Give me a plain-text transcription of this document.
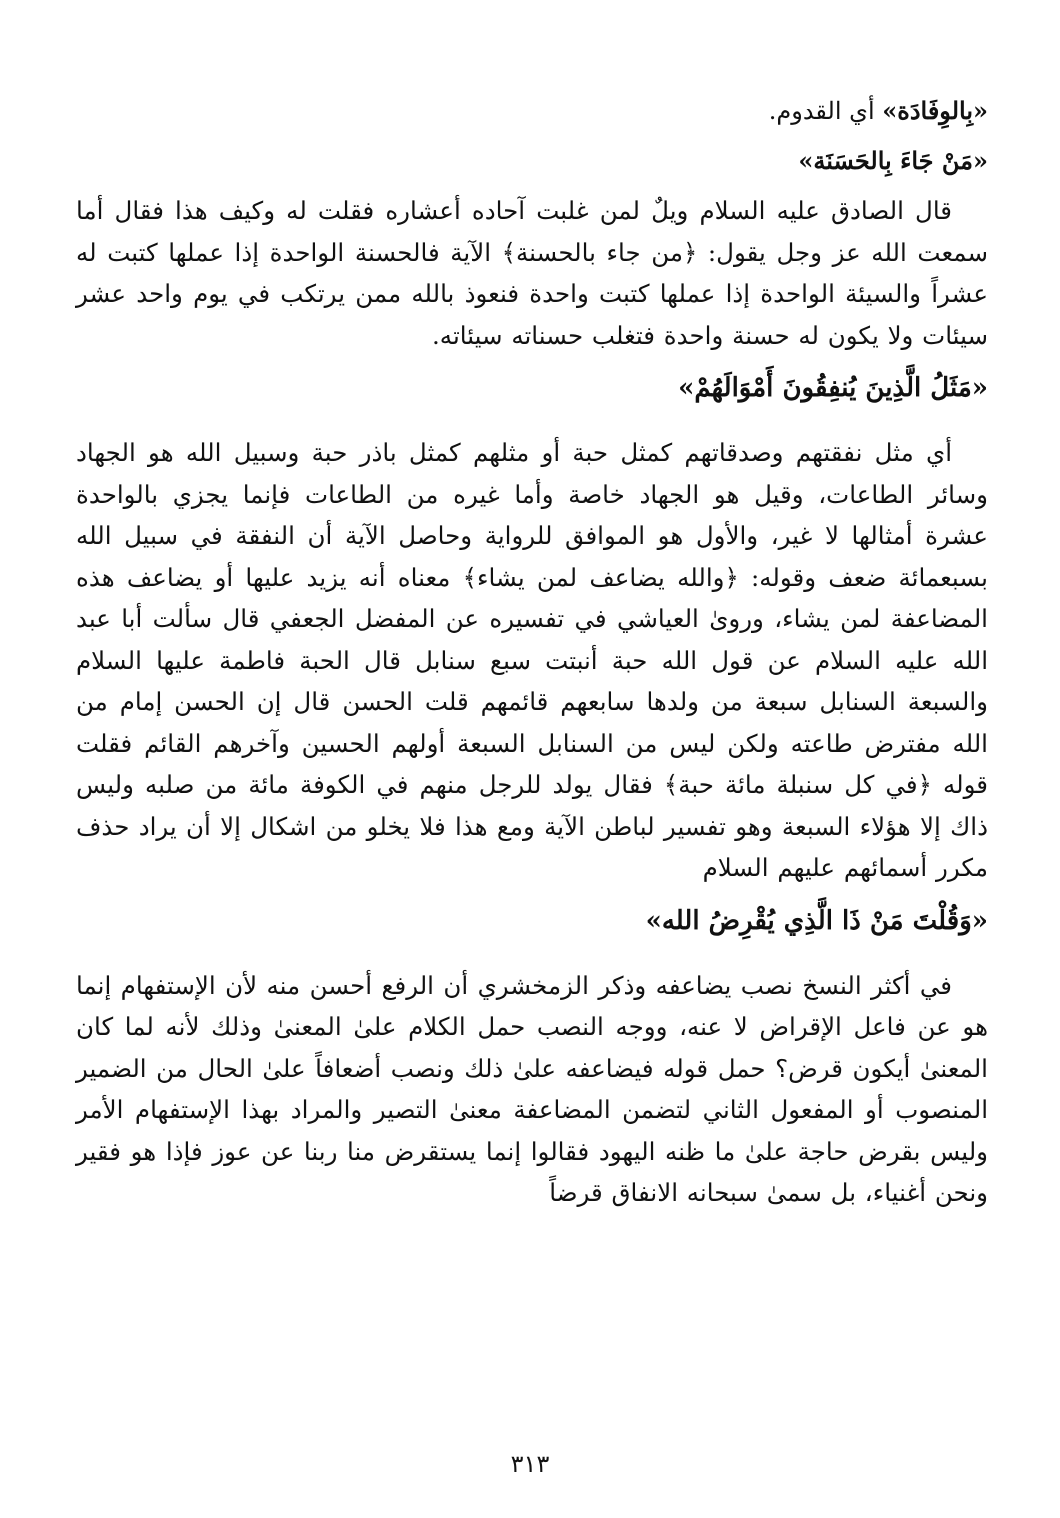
«بِالوِفَادَة» أي القدوم.

«مَنْ جَاءَ بِالحَسَنَة»

قال الصادق عليه السلام ويلٌ لمن غلبت آحاده أعشاره فقلت له وكيف هذا فقال أما سمعت الله عز وجل يقول: ﴿من جاء بالحسنة﴾ الآية فالحسنة الواحدة إذا عملها كتبت له عشراً والسيئة الواحدة إذا عملها كتبت واحدة فنعوذ بالله ممن يرتكب في يوم واحد عشر سيئات ولا يكون له حسنة واحدة فتغلب حسناته سيئاته.

«مَثَلُ الَّذِينَ يُنفِقُونَ أَمْوَالَهُمْ»

أي مثل نفقتهم وصدقاتهم كمثل حبة أو مثلهم كمثل باذر حبة وسبيل الله هو الجهاد وسائر الطاعات، وقيل هو الجهاد خاصة وأما غيره من الطاعات فإنما يجزي بالواحدة عشرة أمثالها لا غير، والأول هو الموافق للرواية وحاصل الآية أن النفقة في سبيل الله بسبعمائة ضعف وقوله: ﴿والله يضاعف لمن يشاء﴾ معناه أنه يزيد عليها أو يضاعف هذه المضاعفة لمن يشاء، وروىٰ العياشي في تفسيره عن المفضل الجعفي قال سألت أبا عبد الله عليه السلام عن قول الله حبة أنبتت سبع سنابل قال الحبة فاطمة عليها السلام والسبعة السنابل سبعة من ولدها سابعهم قائمهم قلت الحسن قال إن الحسن إمام من الله مفترض طاعته ولكن ليس من السنابل السبعة أولهم الحسين وآخرهم القائم فقلت قوله ﴿في كل سنبلة مائة حبة﴾ فقال يولد للرجل منهم في الكوفة مائة من صلبه وليس ذاك إلا هؤلاء السبعة وهو تفسير لباطن الآية ومع هذا فلا يخلو من اشكال إلا أن يراد حذف مكرر أسمائهم عليهم السلام

«وَقُلْتَ مَنْ ذَا الَّذِي يُقْرِضُ الله»

في أكثر النسخ نصب يضاعفه وذكر الزمخشري أن الرفع أحسن منه لأن الإستفهام إنما هو عن فاعل الإقراض لا عنه، ووجه النصب حمل الكلام علىٰ المعنىٰ وذلك لأنه لما كان المعنىٰ أيكون قرض؟ حمل قوله فيضاعفه علىٰ ذلك ونصب أضعافاً علىٰ الحال من الضمير المنصوب أو المفعول الثاني لتضمن المضاعفة معنىٰ التصير والمراد بهذا الإستفهام الأمر وليس بقرض حاجة علىٰ ما ظنه اليهود فقالوا إنما يستقرض منا ربنا عن عوز فإذا هو فقير ونحن أغنياء، بل سمىٰ سبحانه الانفاق قرضاً

٣١٣
